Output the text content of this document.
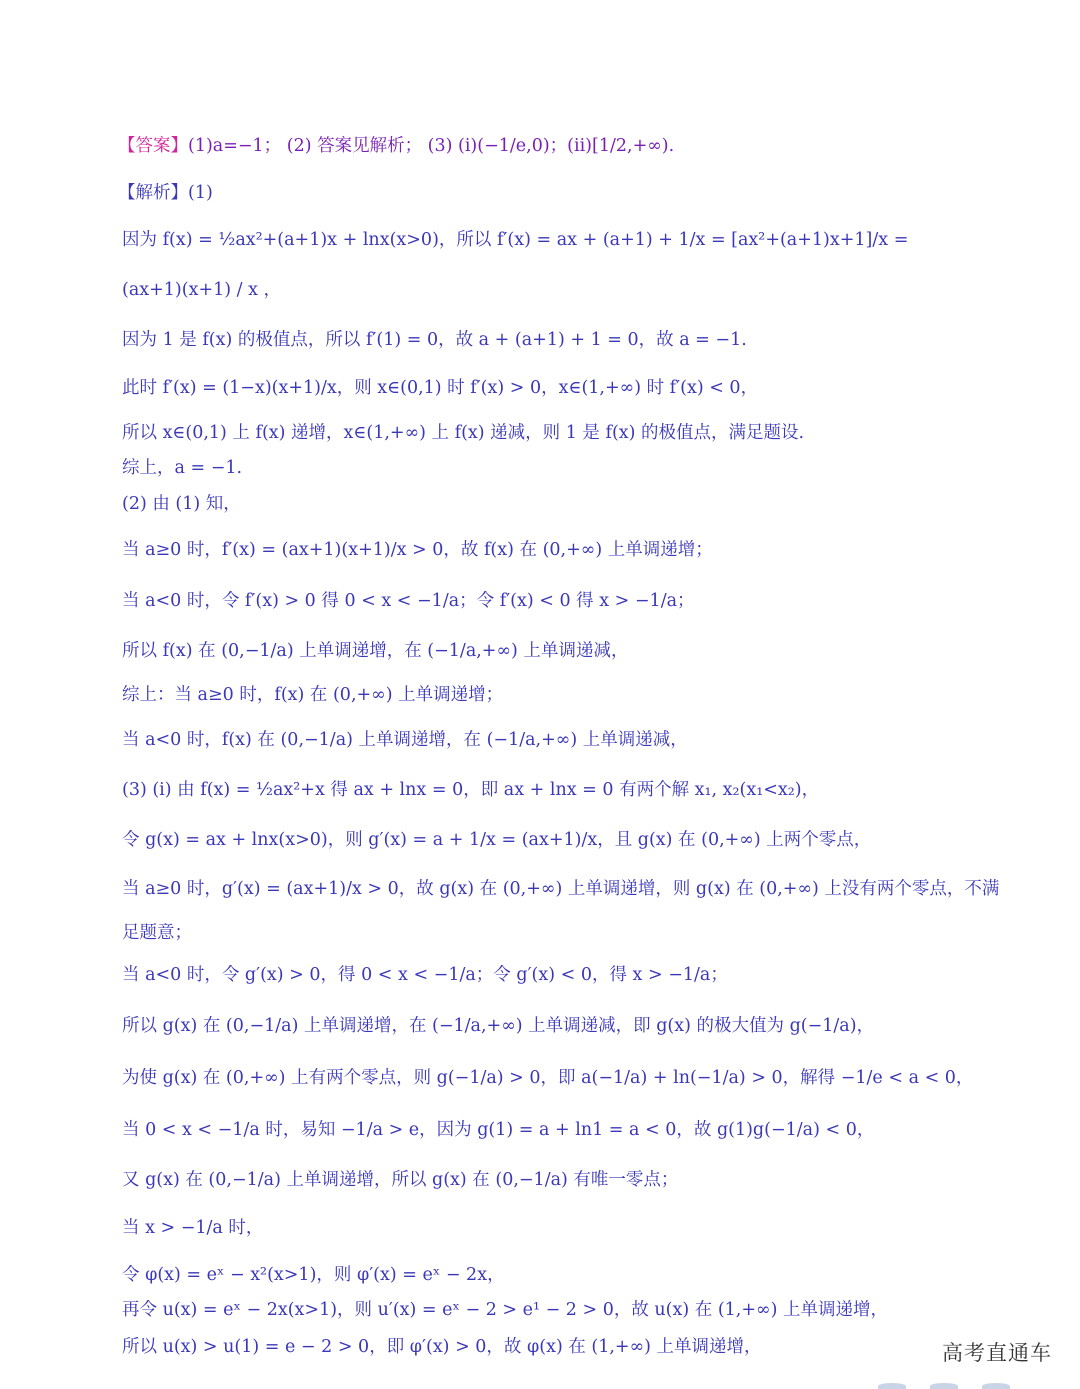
【答案】(1)a=−1； (2) 答案见解析； (3) (i)(−1/e,0)；(ii)[1/2,+∞).
【解析】(1)
因为 f(x) = ½ax²+(a+1)x + lnx(x>0)，所以 f′(x) = ax + (a+1) + 1/x = [ax²+(a+1)x+1]/x =
(ax+1)(x+1) / x ，
因为 1 是 f(x) 的极值点，所以 f′(1) = 0，故 a + (a+1) + 1 = 0，故 a = −1.
此时 f′(x) = (1−x)(x+1)/x，则 x∈(0,1) 时 f′(x) > 0，x∈(1,+∞) 时 f′(x) < 0，
所以 x∈(0,1) 上 f(x) 递增，x∈(1,+∞) 上 f(x) 递减，则 1 是 f(x) 的极值点，满足题设.
综上，a = −1.
(2) 由 (1) 知，
当 a≥0 时，f′(x) = (ax+1)(x+1)/x > 0，故 f(x) 在 (0,+∞) 上单调递增；
当 a<0 时，令 f′(x) > 0 得 0 < x < −1/a；令 f′(x) < 0 得 x > −1/a；
所以 f(x) 在 (0,−1/a) 上单调递增，在 (−1/a,+∞) 上单调递减，
综上：当 a≥0 时，f(x) 在 (0,+∞) 上单调递增；
当 a<0 时，f(x) 在 (0,−1/a) 上单调递增，在 (−1/a,+∞) 上单调递减，
(3) (i) 由 f(x) = ½ax²+x 得 ax + lnx = 0，即 ax + lnx = 0 有两个解 x₁, x₂(x₁<x₂)，
令 g(x) = ax + lnx(x>0)，则 g′(x) = a + 1/x = (ax+1)/x，且 g(x) 在 (0,+∞) 上两个零点，
当 a≥0 时，g′(x) = (ax+1)/x > 0，故 g(x) 在 (0,+∞) 上单调递增，则 g(x) 在 (0,+∞) 上没有两个零点，不满
足题意；
当 a<0 时，令 g′(x) > 0，得 0 < x < −1/a；令 g′(x) < 0，得 x > −1/a；
所以 g(x) 在 (0,−1/a) 上单调递增，在 (−1/a,+∞) 上单调递减，即 g(x) 的极大值为 g(−1/a)，
为使 g(x) 在 (0,+∞) 上有两个零点，则 g(−1/a) > 0，即 a(−1/a) + ln(−1/a) > 0，解得 −1/e < a < 0，
当 0 < x < −1/a 时，易知 −1/a > e，因为 g(1) = a + ln1 = a < 0，故 g(1)g(−1/a) < 0，
又 g(x) 在 (0,−1/a) 上单调递增，所以 g(x) 在 (0,−1/a) 有唯一零点；
当 x > −1/a 时，
令 φ(x) = eˣ − x²(x>1)，则 φ′(x) = eˣ − 2x，
再令 u(x) = eˣ − 2x(x>1)，则 u′(x) = eˣ − 2 > e¹ − 2 > 0，故 u(x) 在 (1,+∞) 上单调递增，
所以 u(x) > u(1) = e − 2 > 0，即 φ′(x) > 0，故 φ(x) 在 (1,+∞) 上单调递增，	高考直通车
